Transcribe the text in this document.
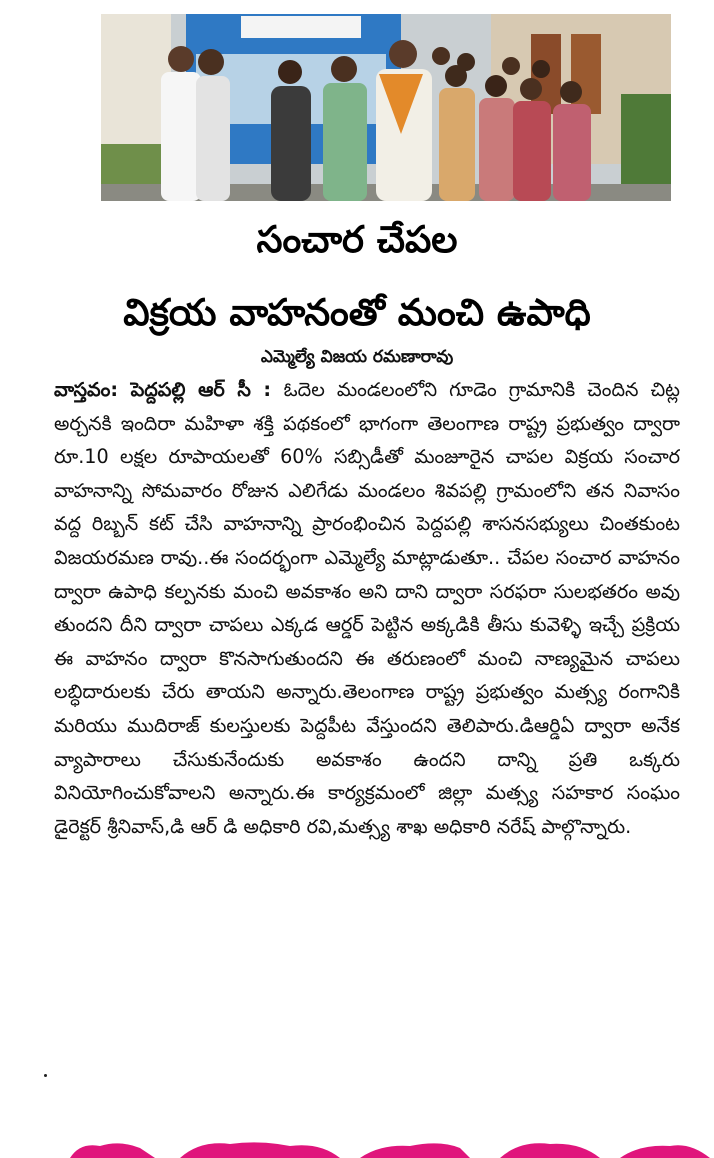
సంచార చేపల
విక్రయ వాహనంతో మంచి ఉపాధి
ఎమ్మెల్యే విజయ రమణారావు
వాస్తవం: పెద్దపల్లి ఆర్ సీ : ఓదెల మండలంలోని గూడెం గ్రామానికి చెందిన చిట్ల అర్చనకి ఇందిరా మహిళా శక్తి పథకంలో భాగంగా తెలంగాణ రాష్ట్ర ప్రభుత్వం ద్వారా రూ.10 లక్షల రూపాయలతో 60% సబ్సిడీతో మంజూరైన చాపల విక్రయ సంచార వాహనాన్ని సోమవారం రోజున ఎలిగేడు మండలం శివపల్లి గ్రామంలోని తన నివాసం వద్ద రిబ్బన్ కట్ చేసి వాహనాన్ని ప్రారంభించిన పెద్దపల్లి శాసనసభ్యులు చింతకుంట విజయరమణ రావు..ఈ సందర్భంగా ఎమ్మెల్యే మాట్లాడుతూ.. చేపల సంచార వాహనం ద్వారా ఉపాధి కల్పనకు మంచి అవకాశం అని దాని ద్వారా సరఫరా సులభతరం అవు తుందని దీని ద్వారా చాపలు ఎక్కడ ఆర్డర్ పెట్టిన అక్కడికి తీసు కువెళ్ళి ఇచ్చే ప్రక్రియ ఈ వాహనం ద్వారా కొనసాగుతుందని ఈ తరుణంలో మంచి నాణ్యమైన చాపలు లబ్ధిదారులకు చేరు తాయని అన్నారు.తెలంగాణ రాష్ట్ర ప్రభుత్వం మత్స్య రంగానికి మరియు ముదిరాజ్ కులస్తులకు పెద్దపీట వేస్తుందని తెలిపారు.డిఆర్డిఏ ద్వారా అనేక వ్యాపారాలు చేసుకునేందుకు అవకాశం ఉందని దాన్ని ప్రతి ఒక్కరు వినియోగించుకోవాలని అన్నారు.ఈ కార్యక్రమంలో జిల్లా మత్స్య సహకార సంఘం డైరెక్టర్ శ్రీనివాస్,డి ఆర్ డి అధికారి రవి,మత్స్య శాఖ అధికారి నరేష్ పాల్గొన్నారు.
